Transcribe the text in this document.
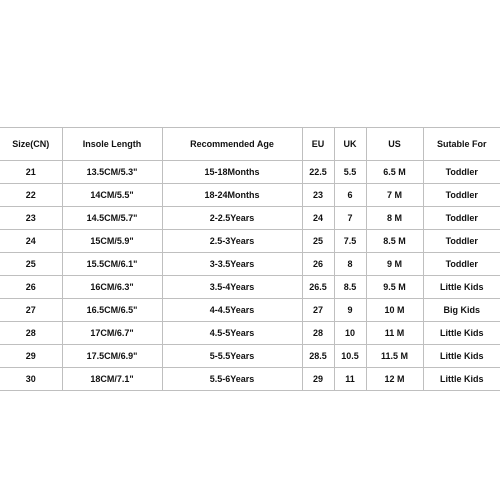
Size(CN)	Insole Length	Recommended Age	EU	UK	US	Sutable For
21	13.5CM/5.3"	15-18Months	22.5	5.5	6.5 M	Toddler
22	14CM/5.5"	18-24Months	23	6	7 M	Toddler
23	14.5CM/5.7"	2-2.5Years	24	7	8 M	Toddler
24	15CM/5.9"	2.5-3Years	25	7.5	8.5 M	Toddler
25	15.5CM/6.1"	3-3.5Years	26	8	9 M	Toddler
26	16CM/6.3"	3.5-4Years	26.5	8.5	9.5 M	Little Kids
27	16.5CM/6.5"	4-4.5Years	27	9	10 M	Big Kids
28	17CM/6.7"	4.5-5Years	28	10	11 M	Little Kids
29	17.5CM/6.9"	5-5.5Years	28.5	10.5	11.5 M	Little Kids
30	18CM/7.1"	5.5-6Years	29	11	12 M	Little Kids
